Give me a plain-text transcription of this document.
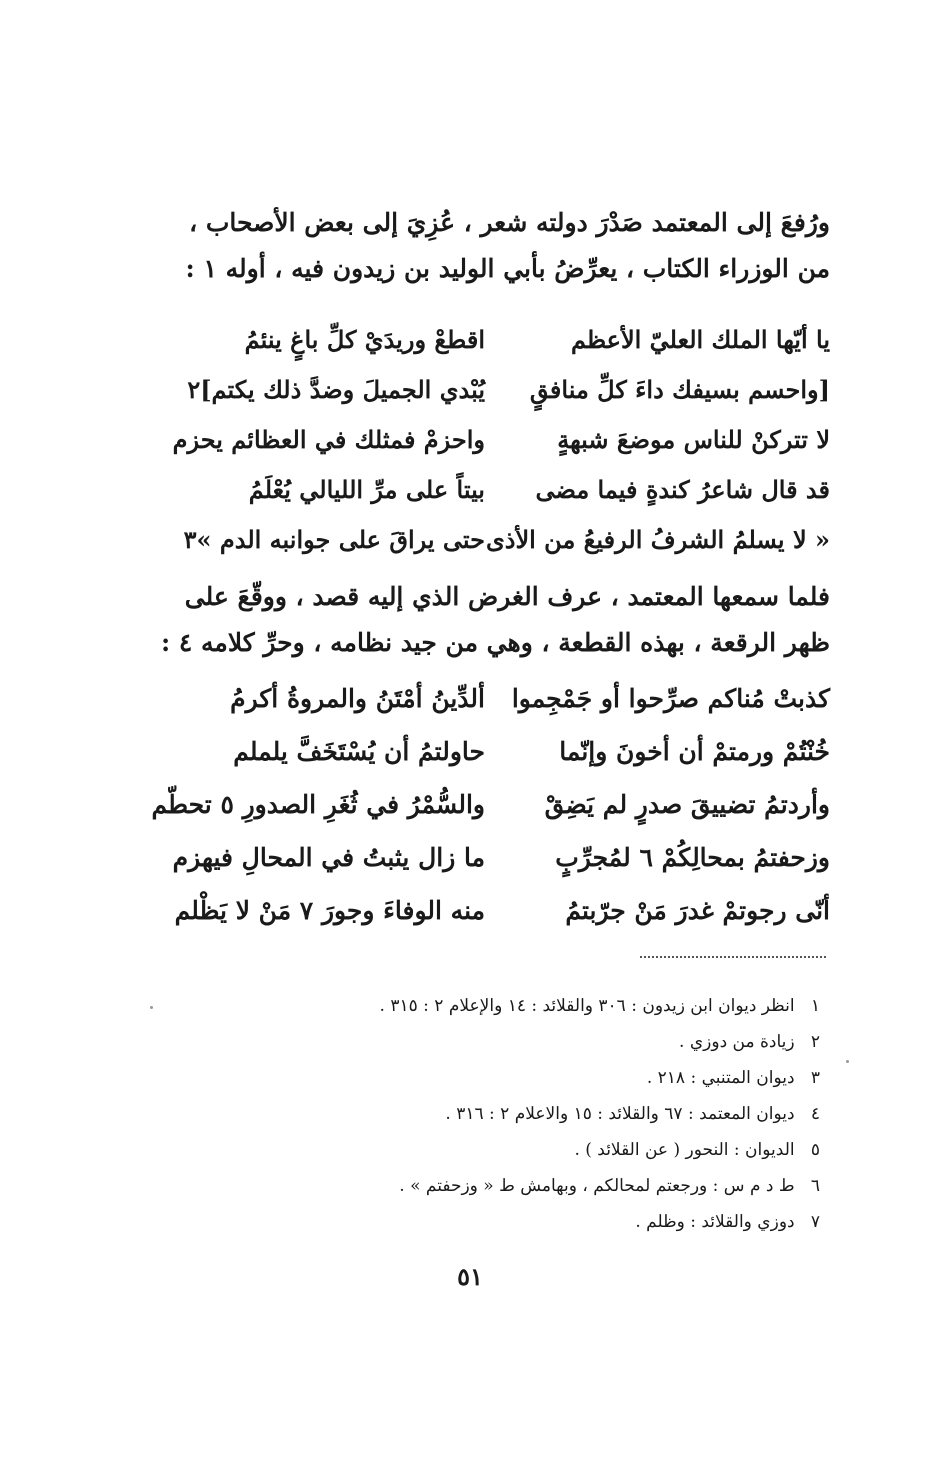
ورُفعَ إلى المعتمد صَدْرَ دولته شعر ، عُزِيَ إلى بعض الأصحاب ،
من الوزراء الكتاب ، يعرِّضُ بأبي الوليد بن زيدون فيه ، أوله ١ :
يا أيّها الملك العليّ الأعظم
اقطعْ وريدَيْ كلِّ باغٍ ينئمُ
[واحسم بسيفك داءَ كلِّ منافقٍ
يُبْدي الجميلَ وضدَّ ذلك يكتم]٢
لا تتركنْ للناس موضعَ شبهةٍ
واحزمْ فمثلك في العظائم يحزم
قد قال شاعرُ كندةٍ فيما مضى
بيتاً على مرِّ الليالي يُعْلَمُ
« لا يسلمُ الشرفُ الرفيعُ من الأذى
حتى يراقَ على جوانبه الدم »٣
فلما سمعها المعتمد ، عرف الغرض الذي إليه قصد ، ووقّعَ على
ظهر الرقعة ، بهذه القطعة ، وهي من جيد نظامه ، وحرِّ كلامه ٤ :
كذبتْ مُناكم صرِّحوا أو جَمْجِموا
ألدِّينُ أمْتَنُ والمروةُ أكرمُ
خُنْتُمْ ورمتمْ أن أخونَ وإنّما
حاولتمُ أن يُسْتَخَفَّ يلملم
وأردتمُ تضييقَ صدرٍ لم يَضِقْ
والسُّمْرُ في ثُغَرِ الصدورِ ٥ تحطّم
وزحفتمُ بمحالِكُمْ ٦ لمُجرِّبٍ
ما زال يثبتُ في المحالِ فيهزم
أنّى رجوتمْ غدرَ مَنْ جرّبتمُ
منه الوفاءَ وجورَ ٧ مَنْ لا يَظْلم
١ انظر ديوان ابن زيدون : ٣٠٦ والقلائد : ١٤ والإعلام ٢ : ٣١٥ .
٢ زيادة من دوزي .
٣ ديوان المتنبي : ٢١٨ .
٤ ديوان المعتمد : ٦٧ والقلائد : ١٥ والاعلام ٢ : ٣١٦ .
٥ الديوان : النحور ( عن القلائد ) .
٦ ط د م س : ورجعتم لمحالكم ، وبهامش ط « وزحفتم » .
٧ دوزي والقلائد : وظلم .
٥١
